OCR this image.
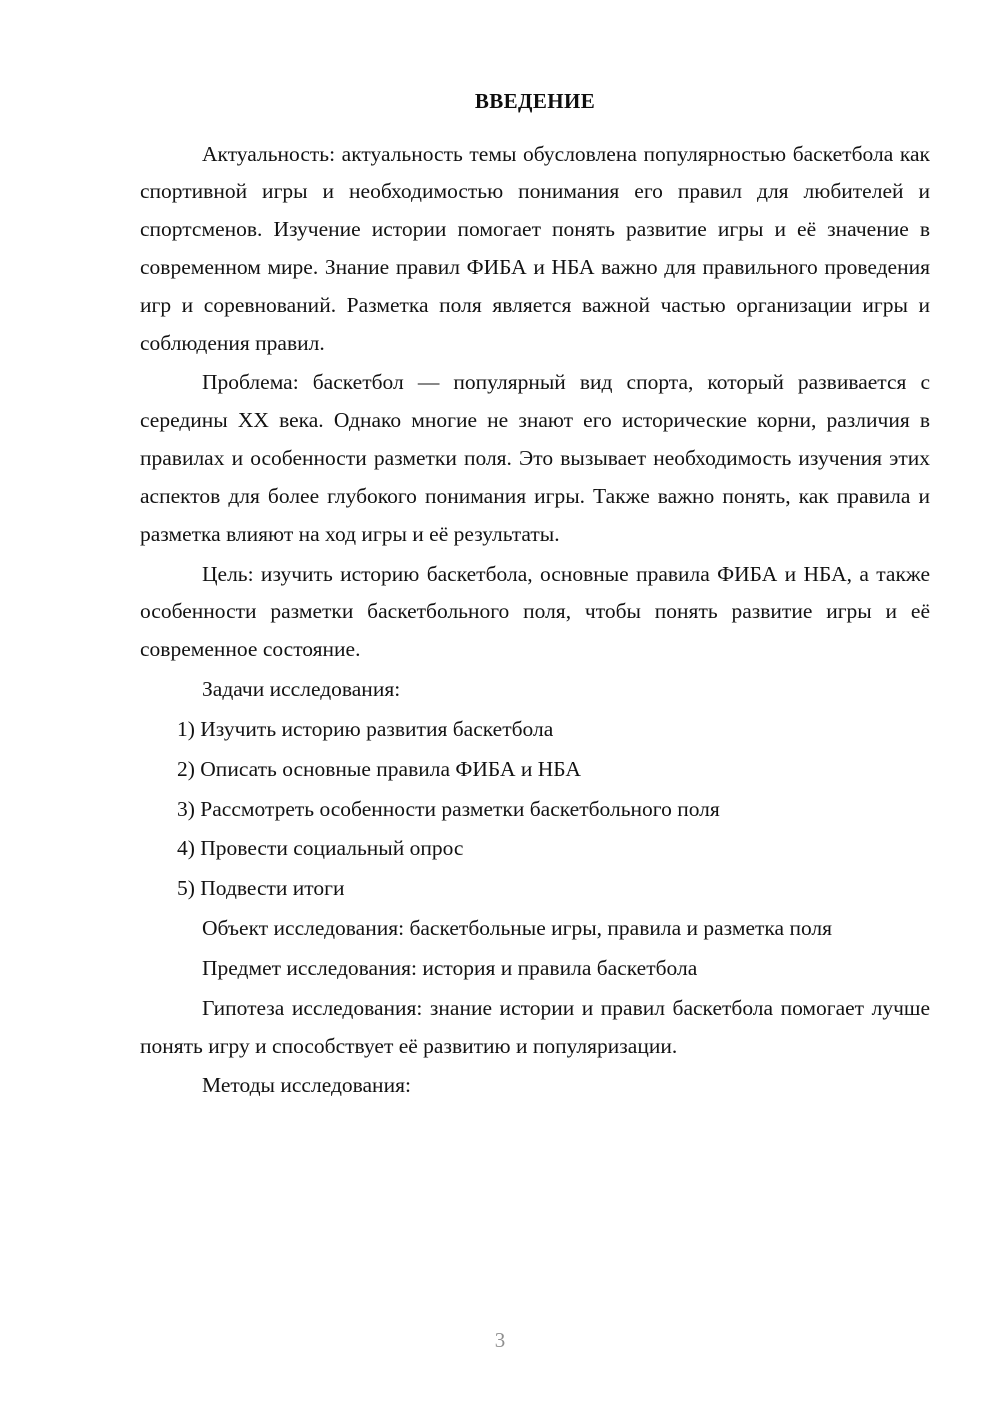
ВВЕДЕНИЕ

Актуальность: актуальность темы обусловлена популярностью баскетбола как спортивной игры и необходимостью понимания его правил для любителей и спортсменов. Изучение истории помогает понять развитие игры и её значение в современном мире. Знание правил ФИБА и НБА важно для правильного проведения игр и соревнований. Разметка поля является важной частью организации игры и соблюдения правил.

Проблема: баскетбол — популярный вид спорта, который развивается с середины XX века. Однако многие не знают его исторические корни, различия в правилах и особенности разметки поля. Это вызывает необходимость изучения этих аспектов для более глубокого понимания игры. Также важно понять, как правила и разметка влияют на ход игры и её результаты.

Цель: изучить историю баскетбола, основные правила ФИБА и НБА, а также особенности разметки баскетбольного поля, чтобы понять развитие игры и её современное состояние.

Задачи исследования:

1) Изучить историю развития баскетбола
2) Описать основные правила ФИБА и НБА
3) Рассмотреть особенности разметки баскетбольного поля
4) Провести социальный опрос
5) Подвести итоги

Объект исследования: баскетбольные игры, правила и разметка поля

Предмет исследования: история и правила баскетбола

Гипотеза исследования: знание истории и правил баскетбола помогает лучше понять игру и способствует её развитию и популяризации.

Методы исследования:

3
